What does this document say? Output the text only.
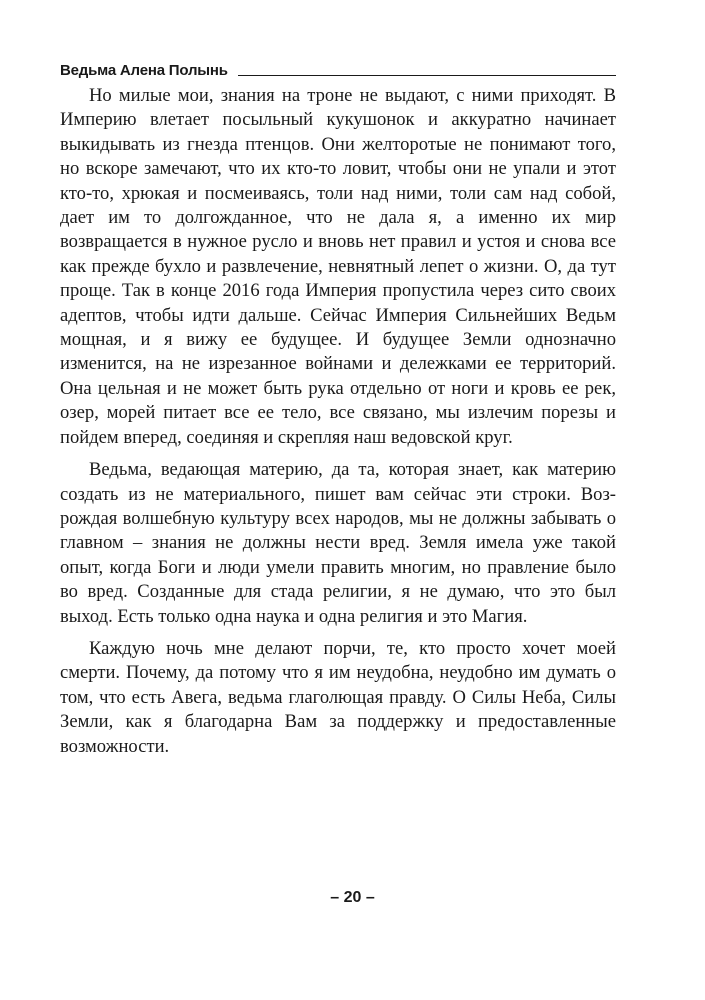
Ведьма Алена Полынь

Но милые мои, знания на троне не выдают, с ними приходят. В Империю влетает посыльный кукушонок и аккуратно начинает выкидывать из гнезда птенцов. Они желторотые не понимают того, но вскоре замечают, что их кто-то ловит, чтобы они не упали и этот кто-то, хрюкая и посмеиваясь, толи над ними, толи сам над собой, дает им то долгожданное, что не дала я, а именно их мир возвращается в нужное русло и вновь нет правил и устоя и снова все как прежде бухло и развлечение, невнятный лепет о жизни. О, да тут проще. Так в конце 2016 года Империя пропустила через сито своих адептов, чтобы идти дальше. Сейчас Империя Сильнейших Ведьм мощная, и я вижу ее будущее. И будущее Земли однозначно изменится, на не изрезанное войнами и дележками ее территорий. Она цельная и не может быть рука отдельно от ноги и кровь ее рек, озер, морей питает все ее тело, все связано, мы излечим порезы и пойдем вперед, соединяя и скрепляя наш ведовской круг.

Ведьма, ведающая материю, да та, которая знает, как материю создать из не материального, пишет вам сейчас эти строки. Возрождая волшебную культуру всех народов, мы не должны забывать о главном – знания не должны нести вред. Земля имела уже такой опыт, когда Боги и люди умели править многим, но правление было во вред. Созданные для стада религии, я не думаю, что это был выход. Есть только одна наука и одна религия и это Магия.

Каждую ночь мне делают порчи, те, кто просто хочет моей смерти. Почему, да потому что я им неудобна, неудобно им думать о том, что есть Авега, ведьма глаголющая правду. О Силы Неба, Силы Земли, как я благодарна Вам за поддержку и предоставленные возможности.

– 20 –
